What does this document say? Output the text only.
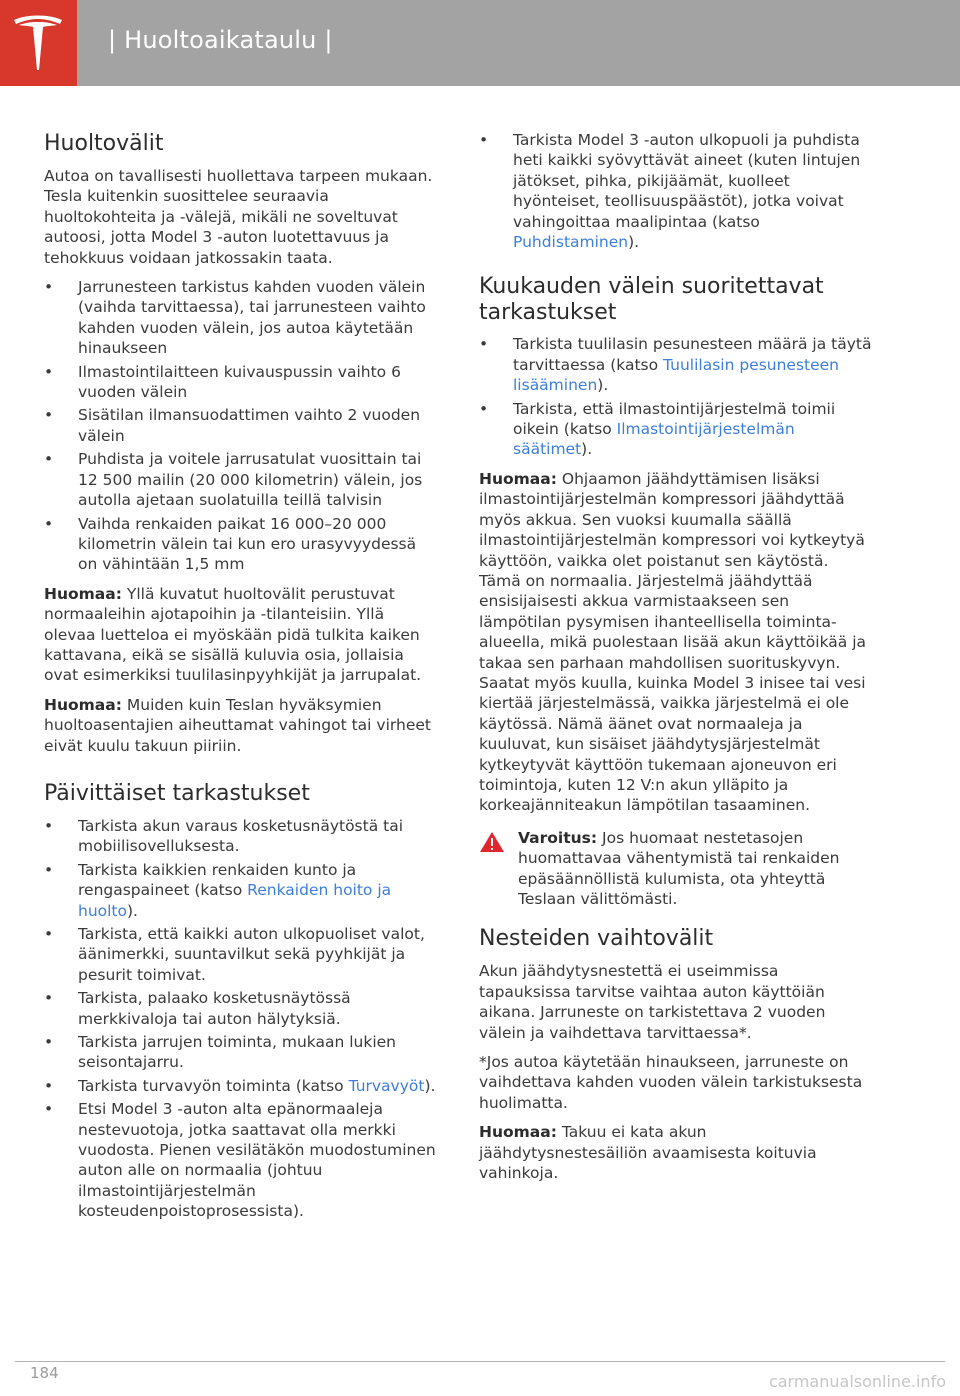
| Huoltoaikataulu |
Huoltovälit

Autoa on tavallisesti huollettava tarpeen mukaan. Tesla kuitenkin suosittelee seuraavia huoltokohteita ja -välejä, mikäli ne soveltuvat autoosi, jotta Model 3 -auton luotettavuus ja tehokkuus voidaan jatkossakin taata.

• Jarrunesteen tarkistus kahden vuoden välein (vaihda tarvittaessa), tai jarrunesteen vaihto kahden vuoden välein, jos autoa käytetään hinaukseen
• Ilmastointilaitteen kuivauspussin vaihto 6 vuoden välein
• Sisätilan ilmansuodattimen vaihto 2 vuoden välein
• Puhdista ja voitele jarrusatulat vuosittain tai 12 500 mailin (20 000 kilometrin) välein, jos autolla ajetaan suolatuilla teillä talvisin
• Vaihda renkaiden paikat 16 000–20 000 kilometrin välein tai kun ero urasyvyydessä on vähintään 1,5 mm

Huomaa: Yllä kuvatut huoltovälit perustuvat normaaleihin ajotapoihin ja -tilanteisiin. Yllä olevaa luetteloa ei myöskään pidä tulkita kaiken kattavana, eikä se sisällä kuluvia osia, jollaisia ovat esimerkiksi tuulilasinpyyhkijät ja jarrupalat.

Huomaa: Muiden kuin Teslan hyväksymien huoltoasentajien aiheuttamat vahingot tai virheet eivät kuulu takuun piiriin.

Päivittäiset tarkastukset
• Tarkista akun varaus kosketusnäytöstä tai mobiilisovelluksesta.
• Tarkista kaikkien renkaiden kunto ja rengaspaineet (katso Renkaiden hoito ja huolto).
• Tarkista, että kaikki auton ulkopuoliset valot, äänimerkki, suuntavilkut sekä pyyhkijät ja pesurit toimivat.
• Tarkista, palaako kosketusnäytössä merkkivaloja tai auton hälytyksiä.
• Tarkista jarrujen toiminta, mukaan lukien seisontajarru.
• Tarkista turvavyön toiminta (katso Turvavyöt).
• Etsi Model 3 -auton alta epänormaaleja nestevuotoja, jotka saattavat olla merkki vuodosta. Pienen vesilätäkön muodostuminen auton alle on normaalia (johtuu ilmastointijärjestelmän kosteudenpoistoprosessista).
• Tarkista Model 3 -auton ulkopuoli ja puhdista heti kaikki syövyttävät aineet (kuten lintujen jätökset, pihka, pikijäämät, kuolleet hyönteiset, teollisuuspäästöt), jotka voivat vahingoittaa maalipintaa (katso Puhdistaminen).
Kuukauden välein suoritettavat tarkastukset
• Tarkista tuulilasin pesunesteen määrä ja täytä tarvittaessa (katso Tuulilasin pesunesteen lisääminen).
• Tarkista, että ilmastointijärjestelmä toimii oikein (katso Ilmastointijärjestelmän säätimet).

Huomaa: Ohjaamon jäähdyttämisen lisäksi ilmastointijärjestelmän kompressori jäähdyttää myös akkua. Sen vuoksi kuumalla säällä ilmastointijärjestelmän kompressori voi kytkeytyä käyttöön, vaikka olet poistanut sen käytöstä. Tämä on normaalia. Järjestelmä jäähdyttää ensisijaisesti akkua varmistaakseen sen lämpötilan pysymisen ihanteellisella toiminta-alueella, mikä puolestaan lisää akun käyttöikää ja takaa sen parhaan mahdollisen suorituskyvyn. Saatat myös kuulla, kuinka Model 3 inisee tai vesi kiertää järjestelmässä, vaikka järjestelmä ei ole käytössä. Nämä äänet ovat normaaleja ja kuuluvat, kun sisäiset jäähdytysjärjestelmät kytkeytyvät käyttöön tukemaan ajoneuvon eri toimintoja, kuten 12 V:n akun ylläpito ja korkeajänniteakun lämpötilan tasaaminen.

Varoitus: Jos huomaat nestetasojen huomattavaa vähentymistä tai renkaiden epäsäännöllistä kulumista, ota yhteyttä Teslaan välittömästi.

Nesteiden vaihtovälit

Akun jäähdytysnestettä ei useimmissa tapauksissa tarvitse vaihtaa auton käyttöiän aikana. Jarruneste on tarkistettava 2 vuoden välein ja vaihdettava tarvittaessa*.

*Jos autoa käytetään hinaukseen, jarruneste on vaihdettava kahden vuoden välein tarkistuksesta huolimatta.

Huomaa: Takuu ei kata akun jäähdytysnestesäiliön avaamisesta koituvia vahinkoja.

184	carmanualsonline.info
